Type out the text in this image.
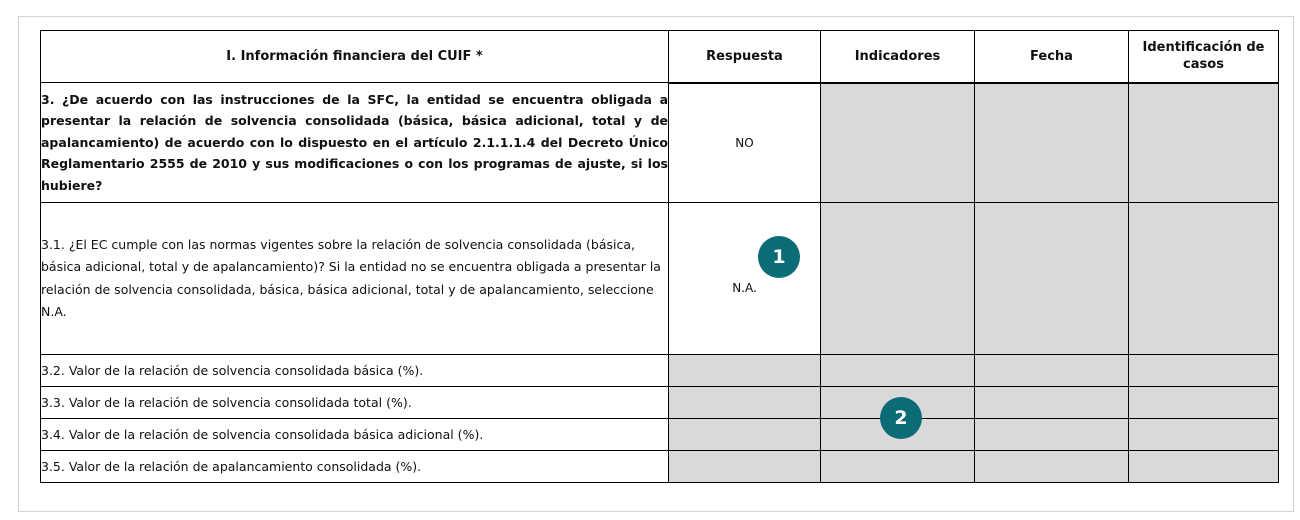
I. Información financiera del CUIF *	Respuesta	Indicadores	Fecha	Identificación de casos
3. ¿De acuerdo con las instrucciones de la SFC, la entidad se encuentra obligada a presentar la relación de solvencia consolidada (básica, básica adicional, total y de apalancamiento) de acuerdo con lo dispuesto en el artículo 2.1.1.1.4 del Decreto Único Reglamentario 2555 de 2010 y sus modificaciones o con los programas de ajuste, si los hubiere?	NO			
3.1. ¿El EC cumple con las normas vigentes sobre la relación de solvencia consolidada (básica, básica adicional, total y de apalancamiento)? Si la entidad no se encuentra obligada a presentar la relación de solvencia consolidada, básica, básica adicional, total y de apalancamiento, seleccione N.A.	N.A.			
3.2. Valor de la relación de solvencia consolidada básica (%).				
3.3. Valor de la relación de solvencia consolidada total (%).				
3.4. Valor de la relación de solvencia consolidada básica adicional (%).				
3.5. Valor de la relación de apalancamiento consolidada (%).				
1
2
